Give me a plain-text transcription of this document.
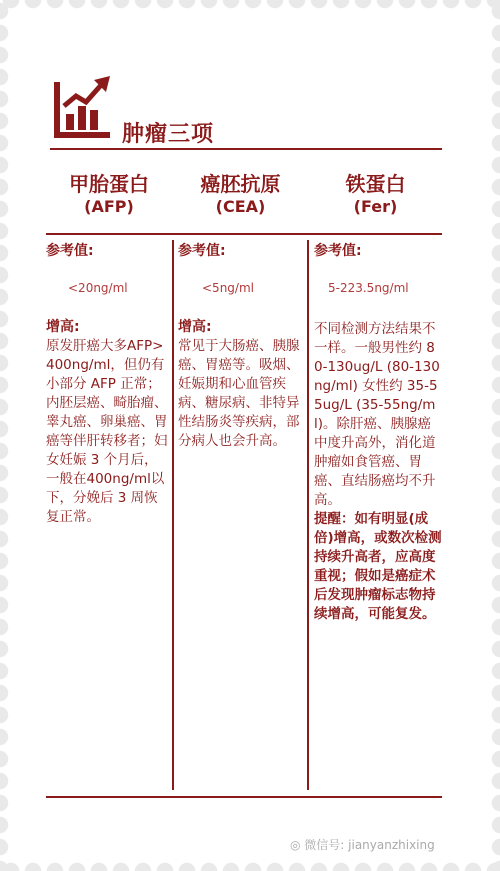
肿瘤三项
甲胎蛋白
(AFP)
癌胚抗原
(CEA)
铁蛋白
(Fer)
参考值:
<20ng/ml
增高:
原发肝癌大多AFP>400ng/ml，但仍有小部分 AFP 正常；内胚层癌、畸胎瘤、睾丸癌、卵巢癌、胃癌等伴肝转移者；妇女妊娠 3 个月后，一般在400ng/ml以下，分娩后 3 周恢复正常。
参考值:
<5ng/ml
增高:
常见于大肠癌、胰腺癌、胃癌等。吸烟、妊娠期和心血管疾病、糖尿病、非特异性结肠炎等疾病，部分病人也会升高。
参考值:
5-223.5ng/ml
不同检测方法结果不一样。一般男性约 80-130ug/L (80-130ng/ml) 女性约 35-55ug/L (35-55ng/ml)。除肝癌、胰腺癌中度升高外，消化道肿瘤如食管癌、胃癌、直结肠癌均不升高。
提醒：如有明显(成倍)增高，或数次检测持续升高者，应高度重视；假如是癌症术后发现肿瘤标志物持续增高，可能复发。
◎ 微信号: jianyanzhixing
